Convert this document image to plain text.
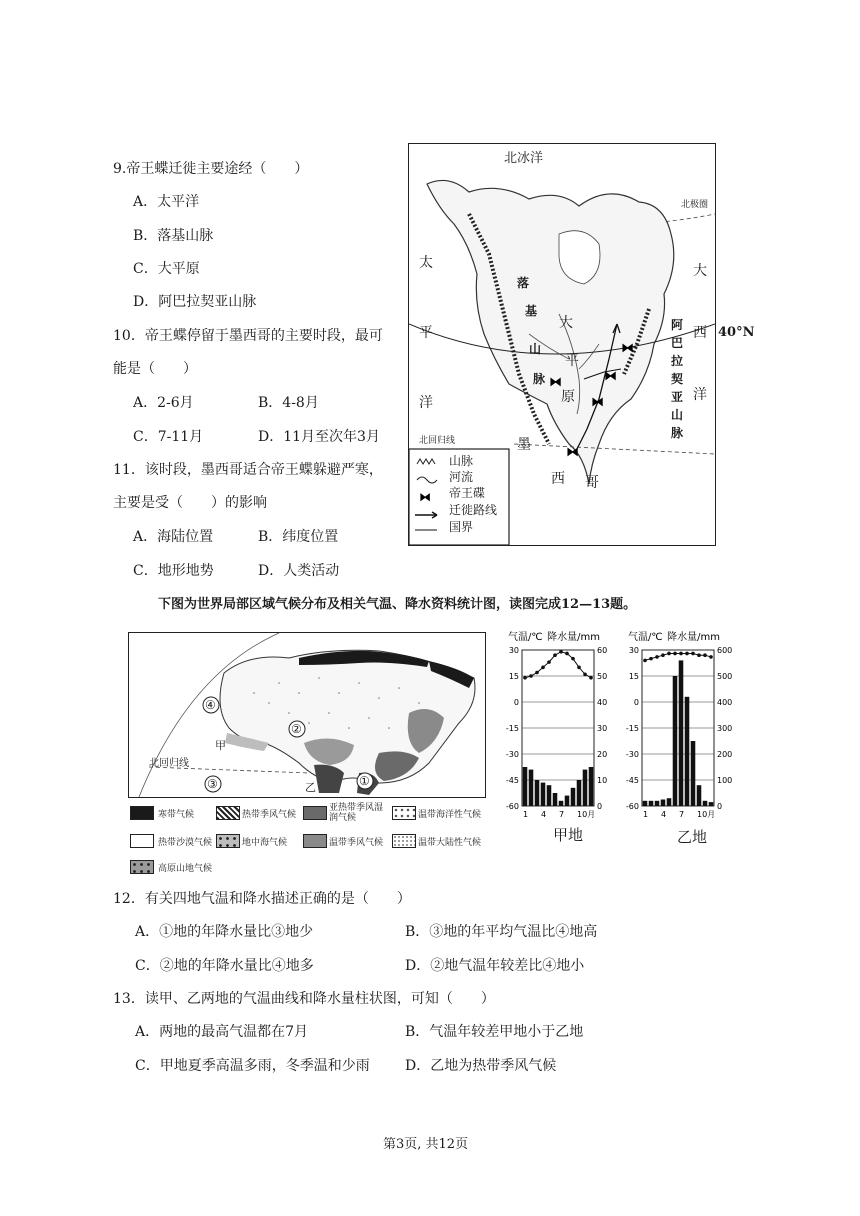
9.帝王蝶迁徙主要途经（　　）
A．太平洋
B．落基山脉
C．大平原
D．阿巴拉契亚山脉
10．帝王蝶停留于墨西哥的主要时段，最可
能是（　　）
A．2-6月	B．4-8月
C．7-11月	D．11月至次年3月
11．该时段，墨西哥适合帝王蝶躲避严寒，
主要是受（　　）的影响
A．海陆位置	B．纬度位置
C．地形地势	D．人类活动
⧓
⧓
⧓
⧓
⧓
⧓
北冰洋
北极圈
北回归线
太
平
洋
大
西
洋
落
基
山
脉
大
平
原
阿
巴
拉
契
亚
山
脉
墨
西 哥
山脉
河流
帝王碟
迁徙路线
国界
40°N
下图为世界局部区域气候分布及相关气温、降水资料统计图，读图完成12—13题。
北回归线
①
②
③
④
甲
乙
寒带气候	热带季风气候
亚热带季风湿润气候	温带海洋性气候
热带沙漠气候	地中海气候	温带季风气候	温带大陆性气候
高原山地气候
气温/℃ 降水量/mm
30	60
15	50
0	40
-15	30
-30	20
-45	10
-60	0
1 4 7 10月
气温/℃ 降水量/mm
30	600
15	500
0	400
-15	300
-30	200
-45	100
-60	0
1 4 7 10月
甲地	乙地
12．有关四地气温和降水描述正确的是（　　）
A．①地的年降水量比③地少	B．③地的年平均气温比④地高
C．②地的年降水量比④地多	D．②地气温年较差比④地小
13．读甲、乙两地的气温曲线和降水量柱状图，可知（　　）
A．两地的最高气温都在7月	B．气温年较差甲地小于乙地
C．甲地夏季高温多雨，冬季温和少雨	D．乙地为热带季风气候
第3页, 共12页
